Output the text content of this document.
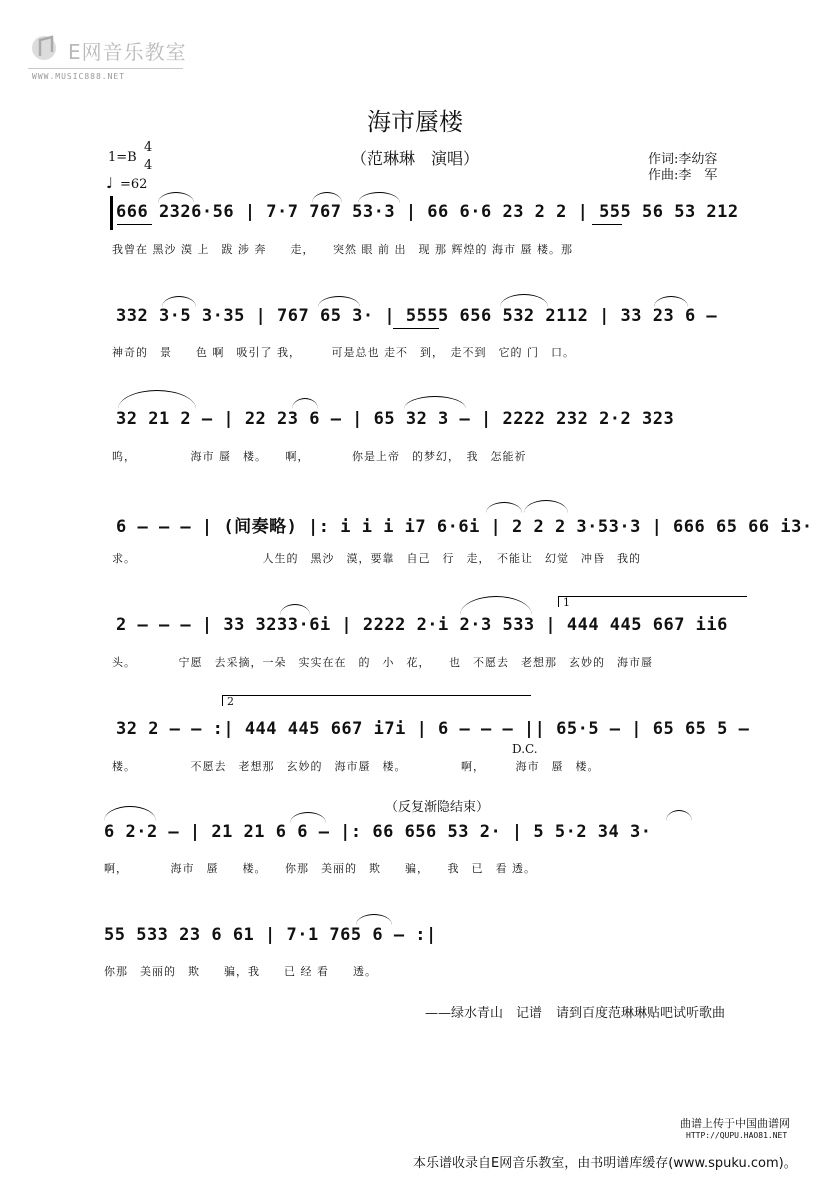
E网音乐教室
WWW.MUSIC888.NET
海市蜃楼
（范琳琳　演唱）
1=B
4
4
♩ =62
作词:李幼容
作曲:李　军
666 2326·56 | 7·7 767 53·3 | 66 6·6 23 2 2 | 555 56 53 212
我曾在 黑沙 漠 上　跋 涉 奔　　走，　　突然 眼 前 出　现 那 辉煌的 海市 蜃 楼。那
332 3·5 3·35 | 767 65 3· | 5555 656 532 2112 | 33 23 6 —
神奇的　景　　色 啊　吸引了 我，　　　可是总也 走不　到，　走不到　它的 门　口。
32 21 2 — | 22 23 6 — | 65 32 3 — | 2222 232 2·2 323
呜，　　　　　海市 蜃　楼。　　啊，　　　　你是上帝　的梦幻，　我　怎能祈
6 — — — | (间奏略) |: i i i i7 6·6i | 2 2 2 3·53·3 | 666 65 66 i3·
求。　　　　　　　　　　　人生的　黑沙　漠，要靠　自己　行　走，　不能让　幻觉　冲昏　我的
2 — — — | 33 3233·6i | 2222 2·i 2·3 533 | 444 445 667 ii6
头。　　　　宁愿　去采摘，一朵　实实在在　的　小　花，　　也　不愿去　老想那　玄妙的　海市蜃
1
32 2 — — :| 444 445 667 i7i | 6 — — — || 65·5 — | 65 65 5 —
楼。　　　　　不愿去　老想那　玄妙的　海市蜃　楼。　　　　　啊，　　　海市　蜃　楼。
2
D.C.
（反复渐隐结束）
6 2·2 — | 21 21 6 6 — |: 66 656 53 2· | 5 5·2 34 3·
啊，　　　　海市　蜃　　楼。　　你那　美丽的　欺　　骗，　　我　已　看 透。
55 533 23 6 61 | 7·1 765 6 — :|
你那　美丽的　欺　　骗，我　　已 经 看　　透。
——绿水青山　记谱 请到百度范琳琳贴吧试听歌曲
曲谱上传于中国曲谱网
HTTP://QUPU.HAO81.NET
本乐谱收录自E网音乐教室，由书明谱库缓存(www.spuku.com)。
